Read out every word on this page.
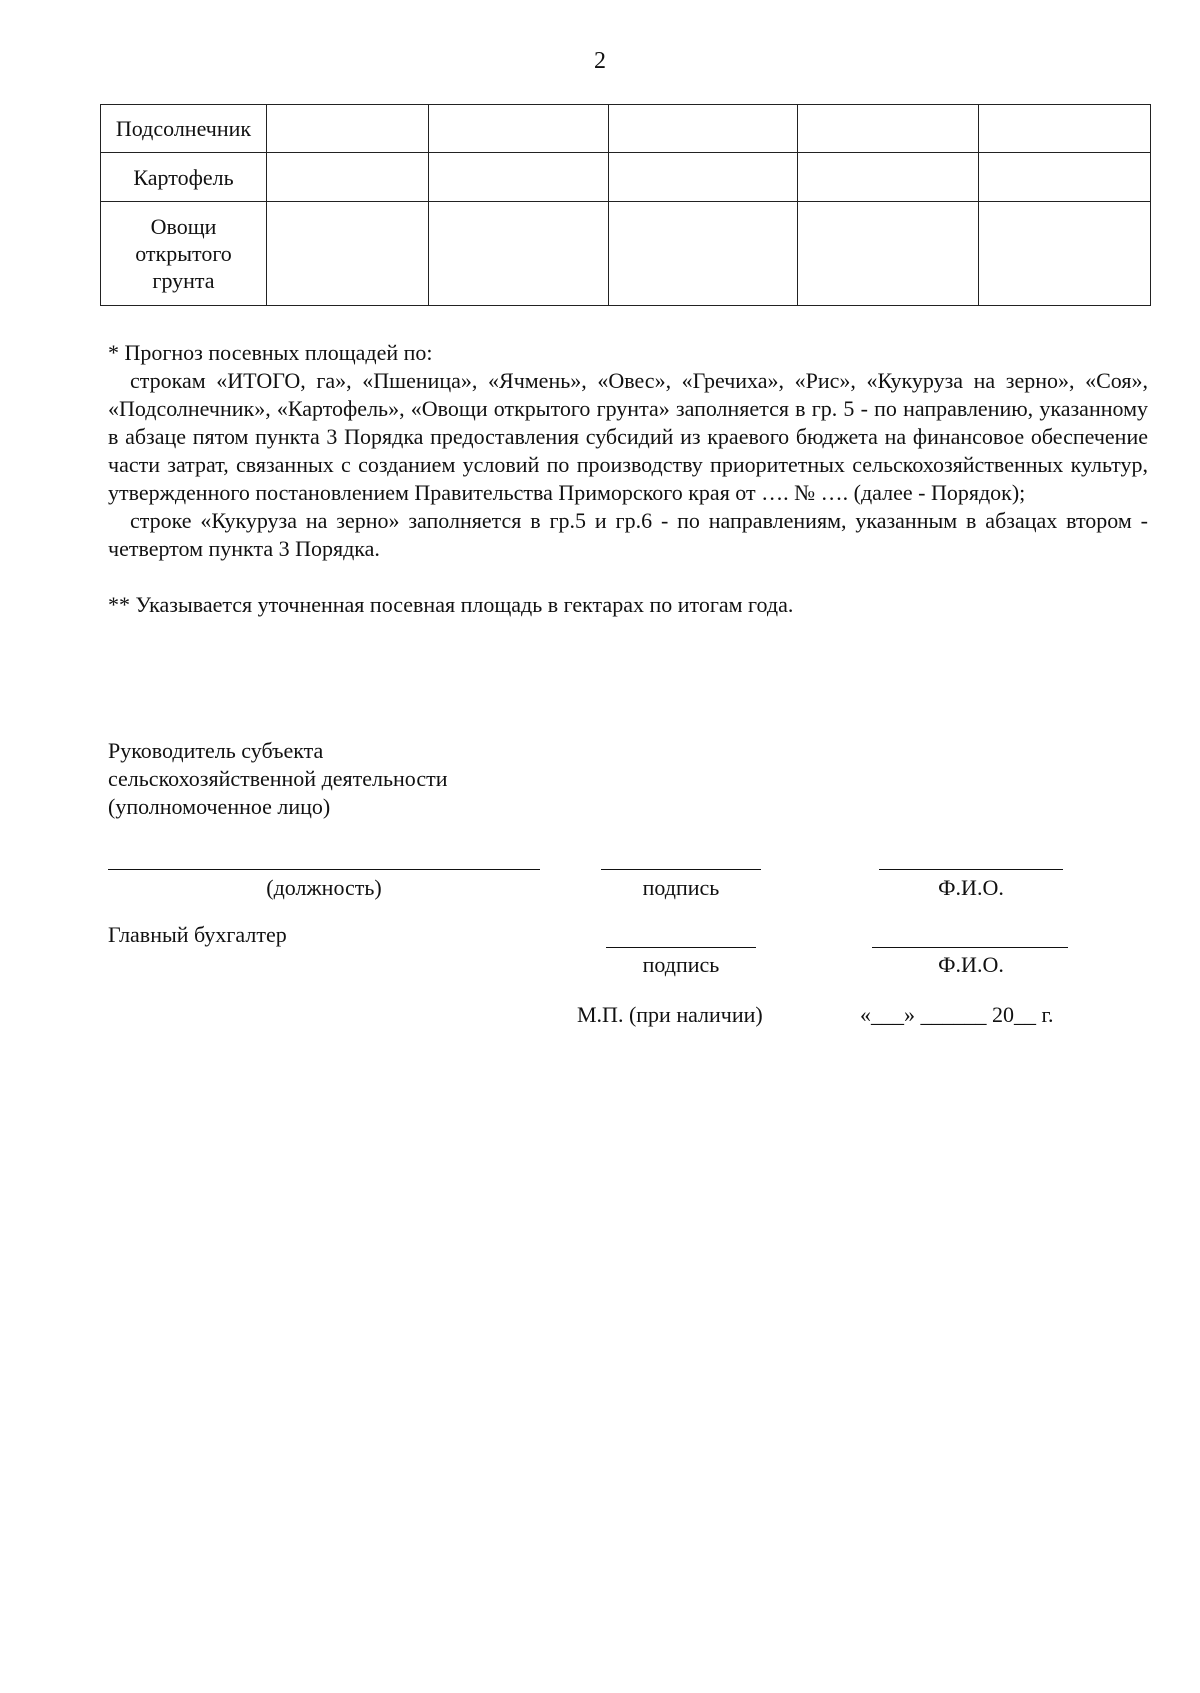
2
Подсолнечник					
Картофель					
Овощи открытого грунта					

* Прогноз посевных площадей по:

строкам «ИТОГО, га», «Пшеница», «Ячмень», «Овес», «Гречиха», «Рис», «Кукуруза на зерно», «Соя», «Подсолнечник», «Картофель», «Овощи открытого грунта» заполняется в гр. 5 - по направлению, указанному в абзаце пятом пункта 3 Порядка предоставления субсидий из краевого бюджета на финансовое обеспечение части затрат, связанных с созданием условий по производству приоритетных сельскохозяйственных культур, утвержденного постановлением Правительства Приморского края от …. № …. (далее - Порядок);

строке «Кукуруза на зерно» заполняется в гр.5 и гр.6 - по направлениям, указанным в абзацах втором - четвертом пункта 3 Порядка.

** Указывается уточненная посевная площадь в гектарах по итогам года.

Руководитель субъекта
сельскохозяйственной деятельности
(уполномоченное лицо)
(должность)	подпись	Ф.И.О.
Главный бухгалтер
подпись	Ф.И.О.
М.П. (при наличии)	«___» ______ 20__ г.
